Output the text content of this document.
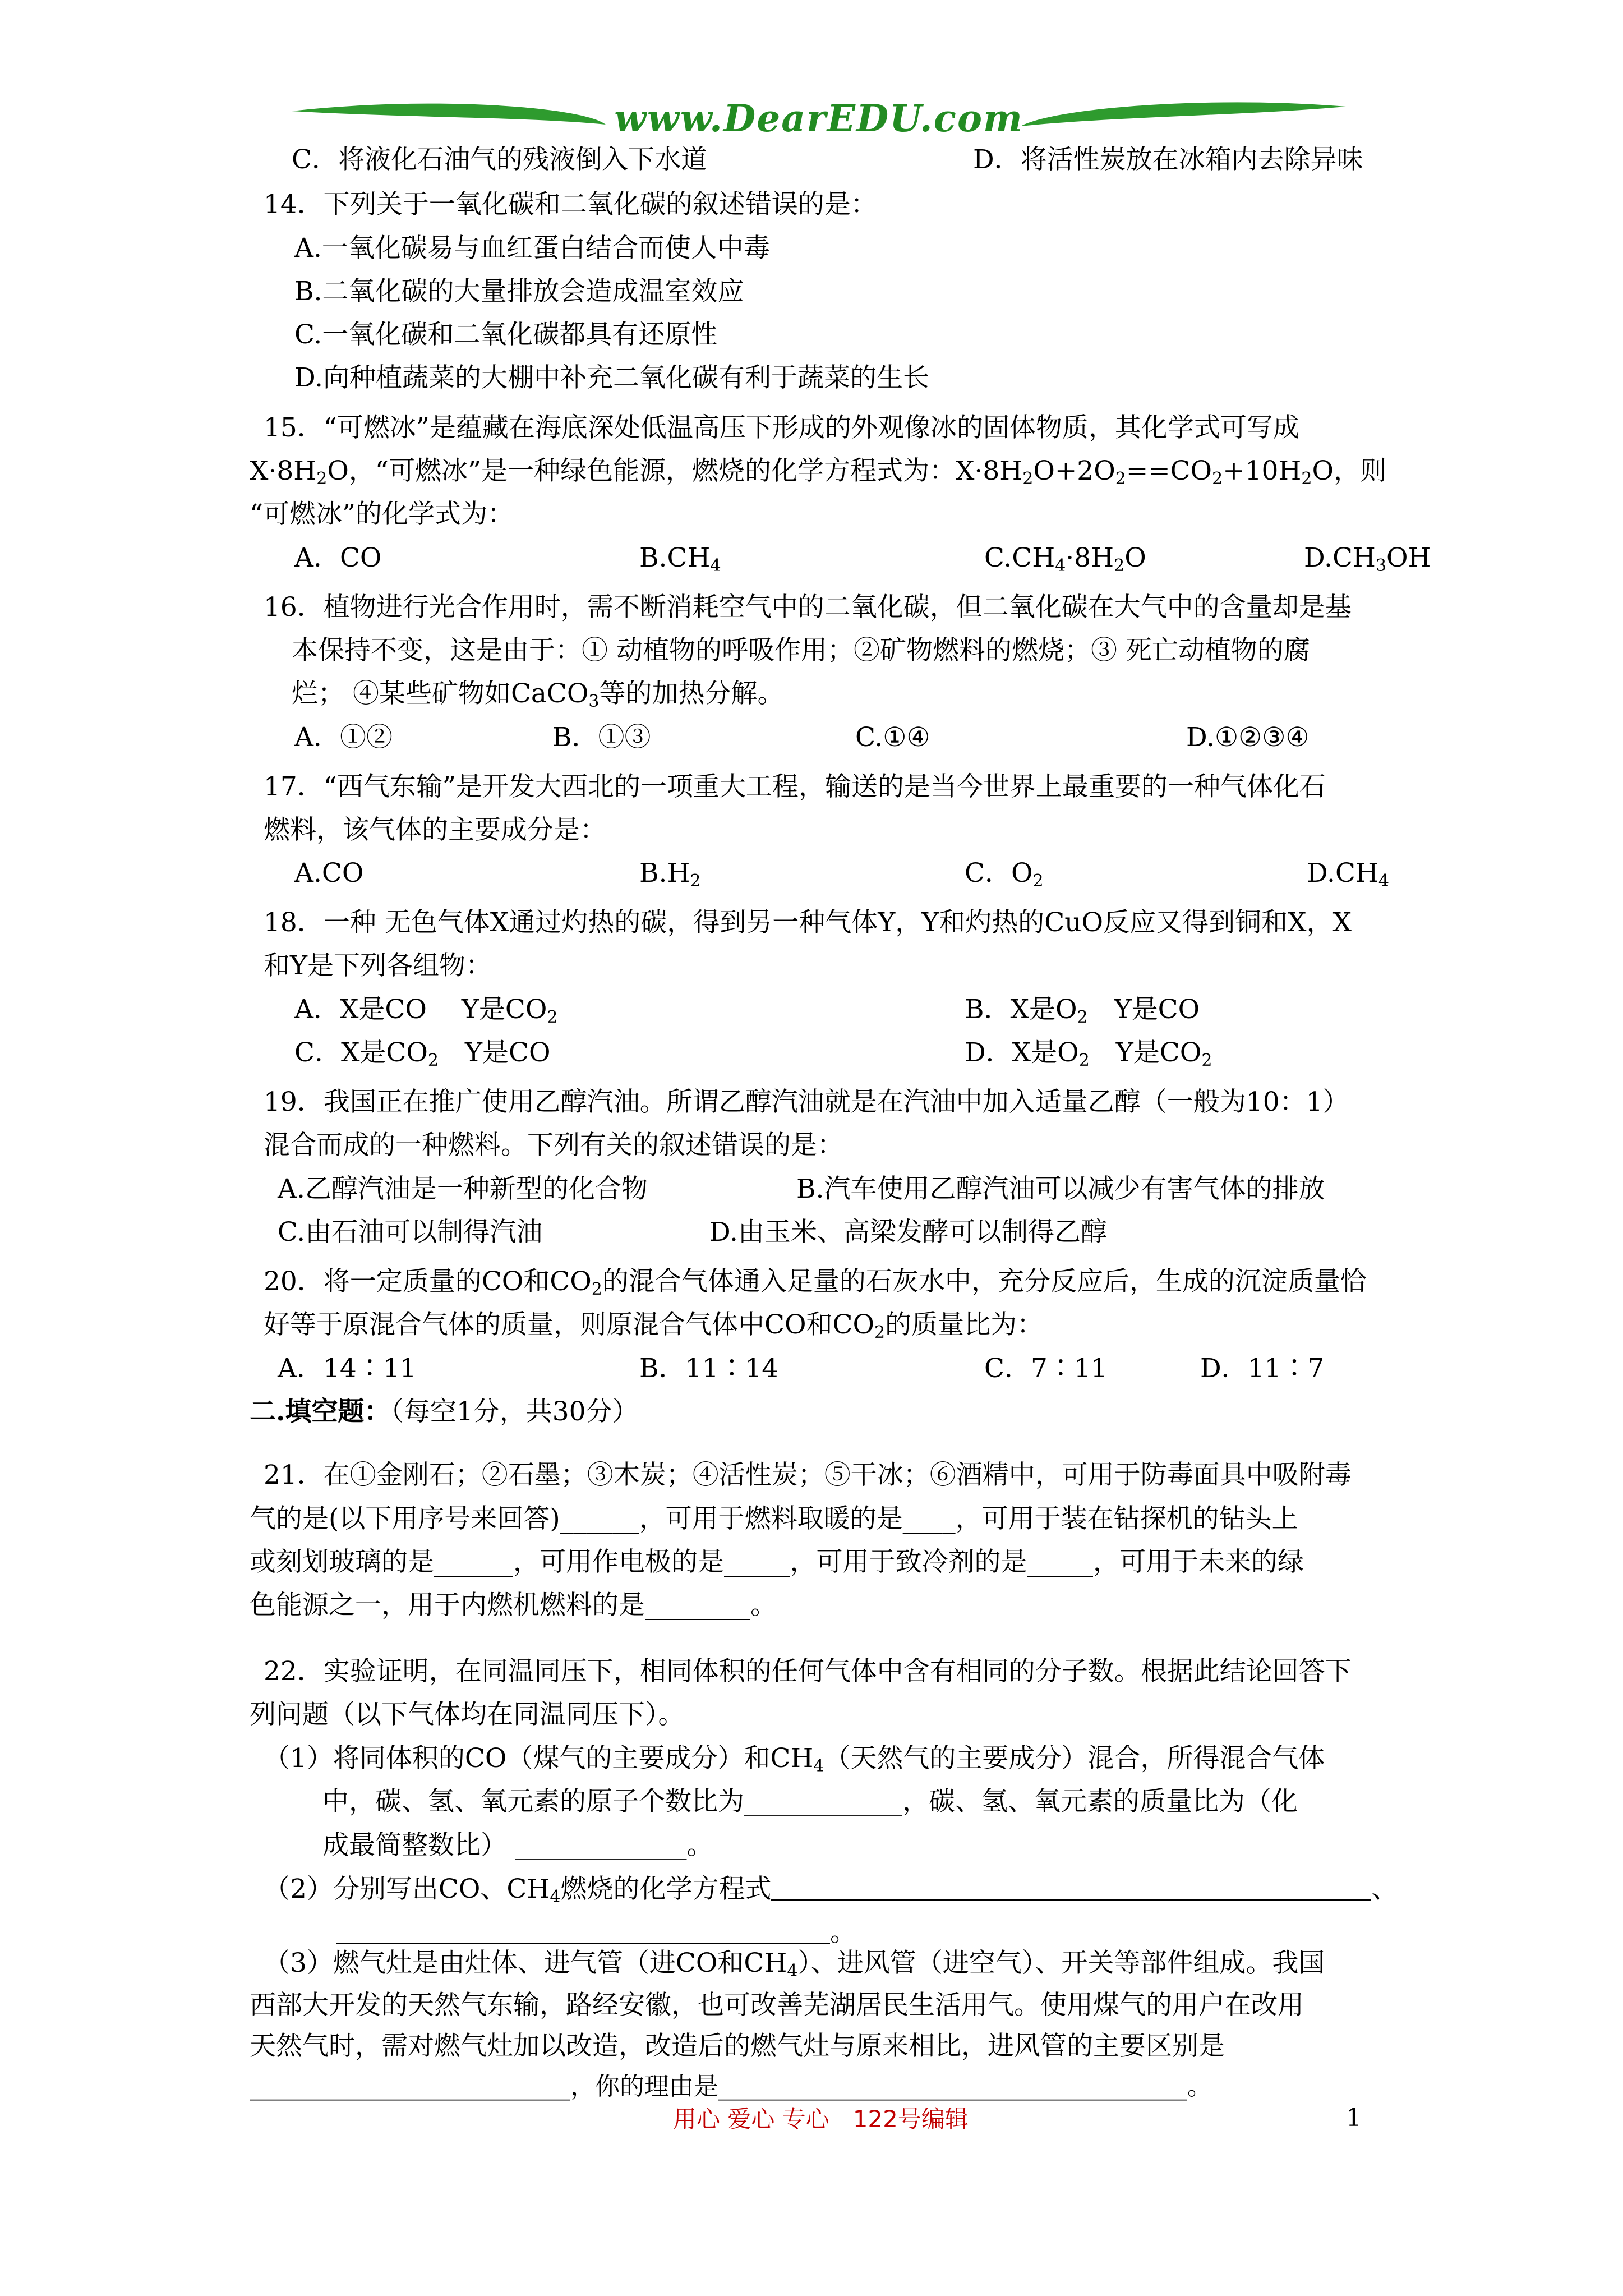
www.DearEDU.com
C．将液化石油气的残液倒入下水道	D．将活性炭放在冰箱内去除异味
14．下列关于一氧化碳和二氧化碳的叙述错误的是：
A.一氧化碳易与血红蛋白结合而使人中毒
B.二氧化碳的大量排放会造成温室效应
C.一氧化碳和二氧化碳都具有还原性
D.向种植蔬菜的大棚中补充二氧化碳有利于蔬菜的生长
15．“可燃冰”是蕴藏在海底深处低温高压下形成的外观像冰的固体物质，其化学式可写成
$X\cdot 8H_2O$，“可燃冰”是一种绿色能源，燃烧的化学方程式为：$X\cdot 8H_2O+2O_2==CO_2+10H_2O$，则
“可燃冰”的化学式为：
A．CO	$B.CH_4$	$C.CH_4\cdot 8H_2O$	$D.CH_3OH$
16．植物进行光合作用时，需不断消耗空气中的二氧化碳，但二氧化碳在大气中的含量却是基
本保持不变，这是由于：① 动植物的呼吸作用；②矿物燃料的燃烧；③ 死亡动植物的腐
烂； ④某些矿物如CaCO$_3$等的加热分解。
A．①②	B．①③	C.①④	D.①②③④
17．“西气东输”是开发大西北的一项重大工程，输送的是当今世界上最重要的一种气体化石
燃料，该气体的主要成分是：
A.CO	$B.H_2$	C．$O_2$	$D.CH_4$
18．一种 无色气体X通过灼热的碳，得到另一种气体Y，Y和灼热的CuO反应又得到铜和X，X
和Y是下列各组物：
A．X是CO　 Y是$CO_2$	B．X是$O_2$　Y是CO
C．X是$CO_2$　Y是CO	D．X是$O_2$　Y是$CO_2$
19．我国正在推广使用乙醇汽油。所谓乙醇汽油就是在汽油中加入适量乙醇（一般为10：1）
混合而成的一种燃料。下列有关的叙述错误的是：
A.乙醇汽油是一种新型的化合物	B.汽车使用乙醇汽油可以减少有害气体的排放
C.由石油可以制得汽油	D.由玉米、高梁发酵可以制得乙醇
20．将一定质量的CO和$CO_2$的混合气体通入足量的石灰水中，充分反应后，生成的沉淀质量恰
好等于原混合气体的质量，则原混合气体中CO和$CO_2$的质量比为：
A．14∶11	B．11∶14	C．7∶11	D．11∶7
二.填空题：（每空1分，共30分）
21．在①金刚石；②石墨；③木炭；④活性炭；⑤干冰；⑥酒精中，可用于防毒面具中吸附毒
气的是(以下用序号来回答)______，可用于燃料取暖的是____，可用于装在钻探机的钻头上
或刻划玻璃的是______，可用作电极的是_____，可用于致冷剂的是_____，可用于未来的绿
色能源之一，用于内燃机燃料的是________。
22．实验证明，在同温同压下，相同体积的任何气体中含有相同的分子数。根据此结论回答下
列问题（以下气体均在同温同压下）。
（1）将同体积的CO（煤气的主要成分）和$CH_4$（天然气的主要成分）混合，所得混合气体
中，碳、氢、氧元素的原子个数比为____________，碳、氢、氧元素的质量比为（化
成最简整数比） _____________。
（2）分别写出CO、$CH_4$燃烧的化学方程式	、
。
（3）燃气灶是由灶体、进气管（进CO和$CH_4$）、进风管（进空气）、开关等部件组成。我国
西部大开发的天然气东输，路经安徽，也可改善芜湖居民生活用气。使用煤气的用户在改用
天然气时，需对燃气灶加以改造，改造后的燃气灶与原来相比，进风管的主要区别是
__________________________，你的理由是______________________________________。
用心 爱心 专心　122号编辑	1
